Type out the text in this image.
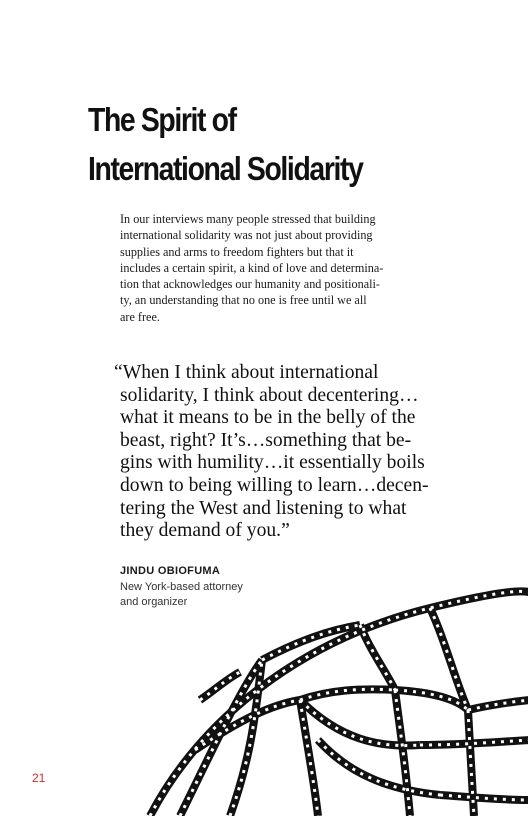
The Spirit of
International Solidarity

In our interviews many people stressed that building
international solidarity was not just about providing
supplies and arms to freedom fighters but that it
includes a certain spirit, a kind of love and determina-
tion that acknowledges our humanity and positionali-
ty, an understanding that no one is free until we all
are free.

“When I think about international
solidarity, I think about decentering…
what it means to be in the belly of the
beast, right? It’s…something that be-
gins with humility…it essentially boils
down to being willing to learn…decen-
tering the West and listening to what
they demand of you.”
JINDU OBIOFUMA
New York-based attorney
and organizer
21
